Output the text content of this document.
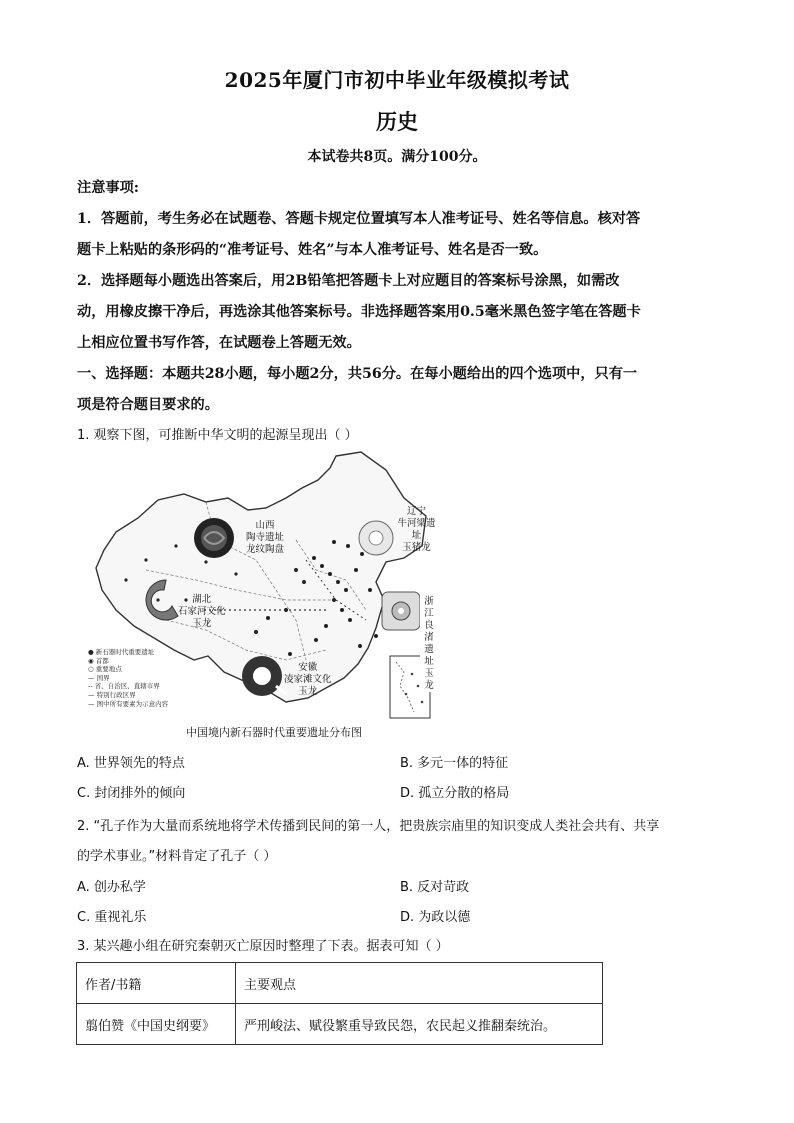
2025年厦门市初中毕业年级模拟考试
历史
本试卷共8页。满分100分。
注意事项:
1．答题前，考生务必在试题卷、答题卡规定位置填写本人准考证号、姓名等信息。核对答
题卡上粘贴的条形码的“准考证号、姓名”与本人准考证号、姓名是否一致。
2．选择题每小题选出答案后，用2B铅笔把答题卡上对应题目的答案标号涂黑，如需改
动，用橡皮擦干净后，再选涂其他答案标号。非选择题答案用0.5毫米黑色签字笔在答题卡
上相应位置书写作答，在试题卷上答题无效。
一、选择题：本题共28小题，每小题2分，共56分。在每小题给出的四个选项中，只有一
项是符合题目要求的。
1. 观察下图，可推断中华文明的起源呈现出（ ）
山西
陶寺遗址
龙纹陶盘
辽宁
牛河梁遗址
玉猪龙
湖北
石家河文化
玉龙
浙江
良渚遗址
玉龙
安徽
凌家滩文化
玉龙
● 新石器时代重要遗址
◉ 首都
○ 重要地点
— 国界
-- 省、自治区、直辖市界
— 特别行政区界
— 图中所有要素为示意内容
中国境内新石器时代重要遗址分布图
A. 世界领先的特点	B. 多元一体的特征
C. 封闭排外的倾向	D. 孤立分散的格局
2. “孔子作为大量而系统地将学术传播到民间的第一人，把贵族宗庙里的知识变成人类社会共有、共享
的学术事业。”材料肯定了孔子（ ）
A. 创办私学	B. 反对苛政
C. 重视礼乐	D. 为政以德
3. 某兴趣小组在研究秦朝灭亡原因时整理了下表。据表可知（ ）
作者/书籍	主要观点
翦伯赞《中国史纲要》	严刑峻法、赋役繁重导致民怨，农民起义推翻秦统治。
